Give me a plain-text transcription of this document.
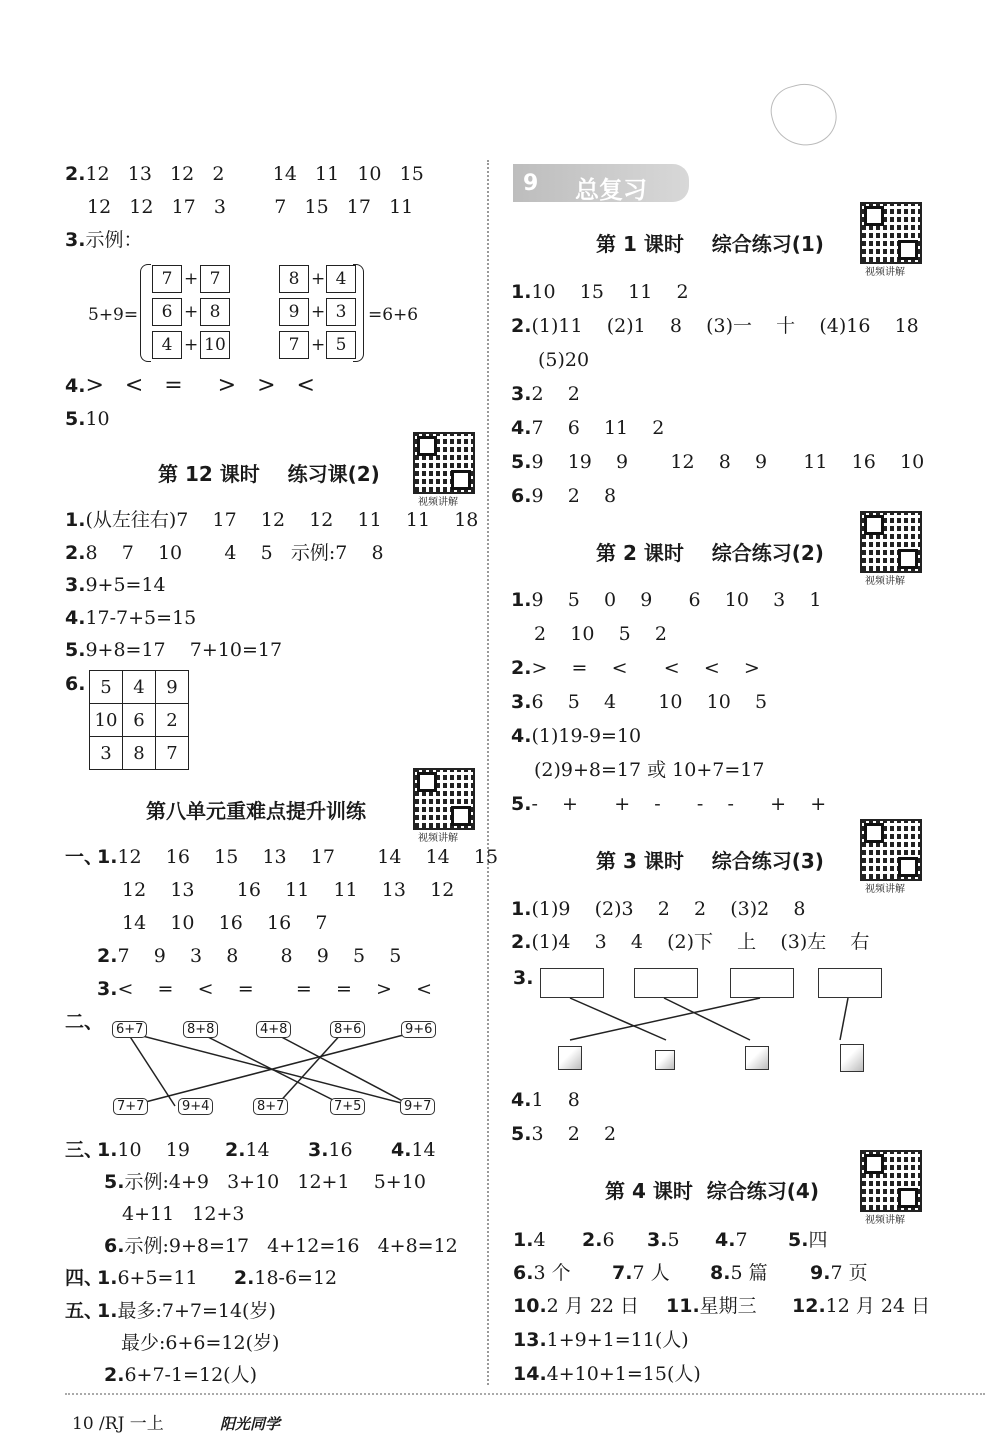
2.12   13   12   2        14   11   10   15
12   12   17   3        7   15   17   11
3.示例：
5+9=
7 + 7
6 + 8
4 + 10
8 + 4
9 + 3
7 + 5
=6+6
4.>   <   =     >   >   <
5.10
第 12 课时    练习课(2)
视频讲解
1.(从左往右)7    17    12    12    11    11    18
2.8    7    10       4    5   示例:7    8
3.9+5=14
4.17-7+5=15
5.9+8=17    7+10=17
6. 5	4	9
10	6	2
3	8	7
第八单元重难点提升训练
视频讲解
一、
1.12    16    15    13    17       14    14    15
12    13       16    11    11    13    12
14    10    16    16    7
2.7    9    3    8       8    9    5    5
3.<    =    <    =       =    =    >    <
二、 6+7	8+8	4+8	8+6	9+6
7+7	9+4	8+7	7+5	9+7
三、
1.10    19
5.示例:4+9   3+10   12+1    5+10
4+11   12+3
6.示例:9+8=17   4+12=16   4+8=12
2.14 3.16 4.14
四、
1.6+5=11 2.18-6=12
五、
1.最多:7+7=14(岁)
最少:6+6=12(岁)
2.6+7-1=12(人)
9 总复习
第 1 课时    综合练习(1)
视频讲解
1.10    15    11    2
2.(1)11    (2)1    8    (3)一    十    (4)16    18
(5)20
3.2    2
4.7    6    11    2
5.9    19    9       12    8    9      11    16    10
6.9    2    8
第 2 课时    综合练习(2)
视频讲解
1.9    5    0    9      6    10    3    1
2    10    5    2
2.>    =    <      <    <    >
3.6    5    4       10    10    5
4.(1)19-9=10
(2)9+8=17 或 10+7=17
5.-    +      +    -      -    -      +    +
第 3 课时    综合练习(3)
视频讲解
1.(1)9    (2)3    2    2    (3)2    8
2.(1)4    3    4    (2)下    上    (3)左    右
3.
4.1    8
5.3    2    2
第 4 课时  综合练习(4)
视频讲解
1.4 2.6 3.5 4.7 5.四
6.3 个 7.7 人 8.5 篇 9.7 页
10.2 月 22 日 11.星期三 12.12 月 24 日
13.1+9+1=11(人)
14.4+10+1=15(人)
10 /RJ 一上	阳光同学
